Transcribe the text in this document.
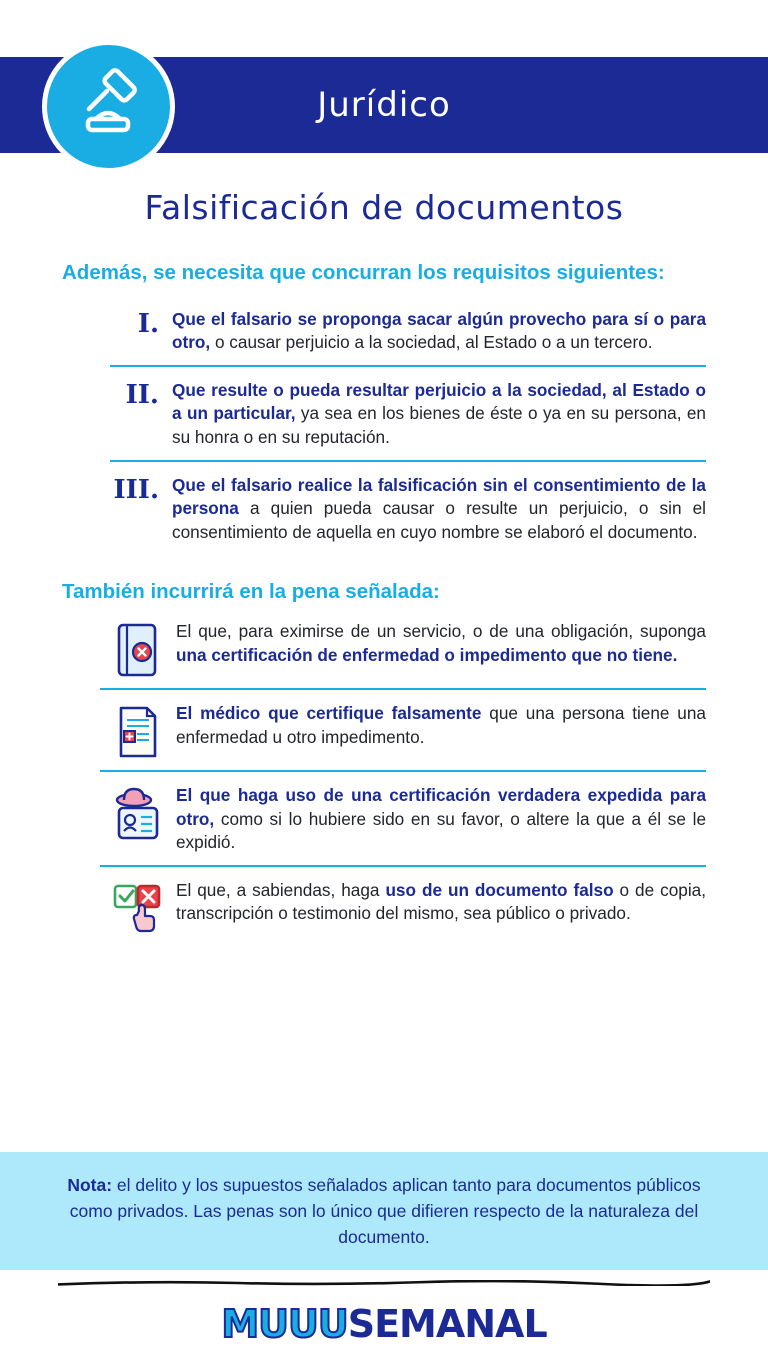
Jurídico
Falsificación de documentos
Además, se necesita que concurran los requisitos siguientes:
I. Que el falsario se proponga sacar algún provecho para sí o para otro, o causar perjuicio a la sociedad, al Estado o a un tercero.
II. Que resulte o pueda resultar perjuicio a la sociedad, al Estado o a un particular, ya sea en los bienes de éste o ya en su persona, en su honra o en su reputación.
III. Que el falsario realice la falsificación sin el consentimiento de la persona a quien pueda causar o resulte un perjuicio, o sin el consentimiento de aquella en cuyo nombre se elaboró el documento.
También incurrirá en la pena señalada:
El que, para eximirse de un servicio, o de una obligación, suponga una certificación de enfermedad o impedimento que no tiene.
El médico que certifique falsamente que una persona tiene una enfermedad u otro impedimento.
El que haga uso de una certificación verdadera expedida para otro, como si lo hubiere sido en su favor, o altere la que a él se le expidió.
El que, a sabiendas, haga uso de un documento falso o de copia, transcripción o testimonio del mismo, sea público o privado.

Nota: el delito y los supuestos señalados aplican tanto para documentos públicos como privados. Las penas son lo único que difieren respecto de la naturaleza del documento.

MUUUSEMANAL
